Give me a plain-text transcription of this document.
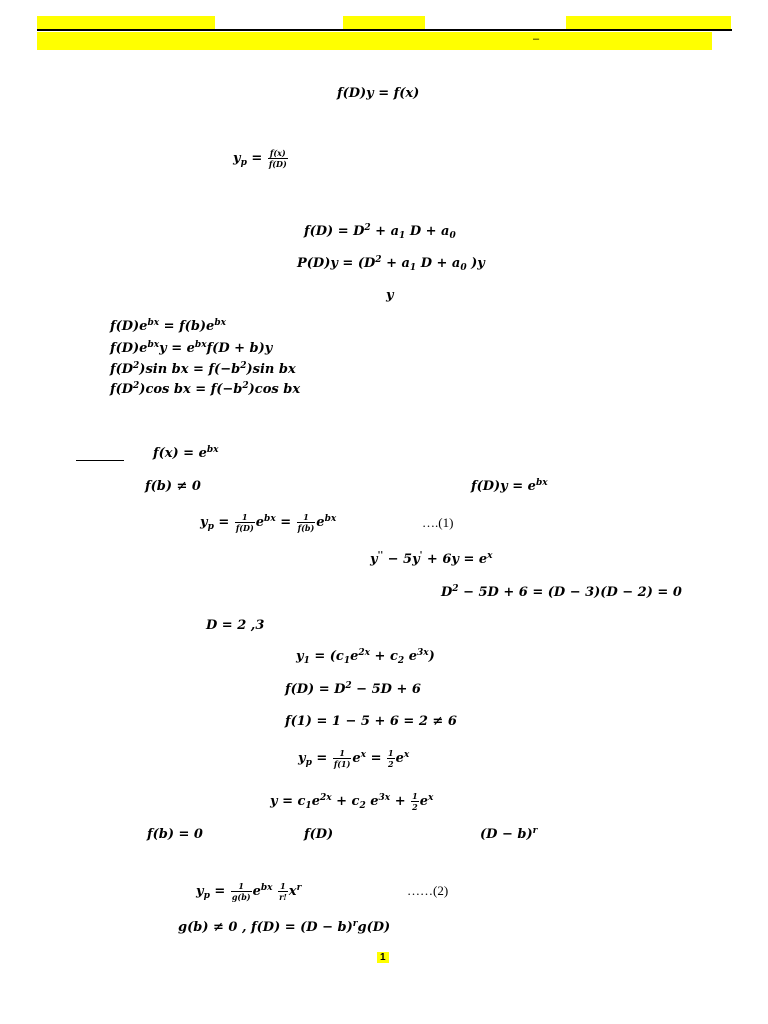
–
f(D)y = f(x)
$y_p = \frac{f(x)}{f(D)}$
$f(D) = D^2 + a_1$ $D + a_0$
$P(D)y = (D^2 + a_1$ $D + a_0$ )y
y
$f(D)e^{bx} = f(b)e^{bx}$
$f(D)e^{bx}y = e^{bx}f(D + b)y$
$f(D^2)\sin$ bx = $f(-b^2)\sin$ bx
$f(D^2)\cos$ bx = $f(-b^2)\cos$ bx
$f(x) = e^{bx}$
f(b) ≠ 0	$f(D)y = e^{bx}$
$y_p = \frac{1}{f(D)} e^{bx} = \frac{1}{f(b)} e^{bx}$	….(1)
$y'' - 5y' + 6y = e^x$
$D^2 - 5D + 6 = (D - 3)(D - 2) = 0$
D = 2 ,3
$y_1 = (c_1e^{2x} + c_2$ $e^{3x}$)
$f(D) = D^2 - 5D + 6$
f(1) = 1 − 5 + 6 = 2 ≠ 6
$y_p = \frac{1}{f(1)} e^x = \frac{1}{2} e^x$
$y = c_1e^{2x} + c_2$ $e^{3x} + \frac{1}{2} e^x$
f(b) = 0	f(D)	$(D - b)^r$
$y_p = \frac{1}{g(b)} e^{bx} \frac{1}{r!} x^r$	……(2)
g(b) ≠ 0 , $f(D) = (D - b)^rg(D)$
1
